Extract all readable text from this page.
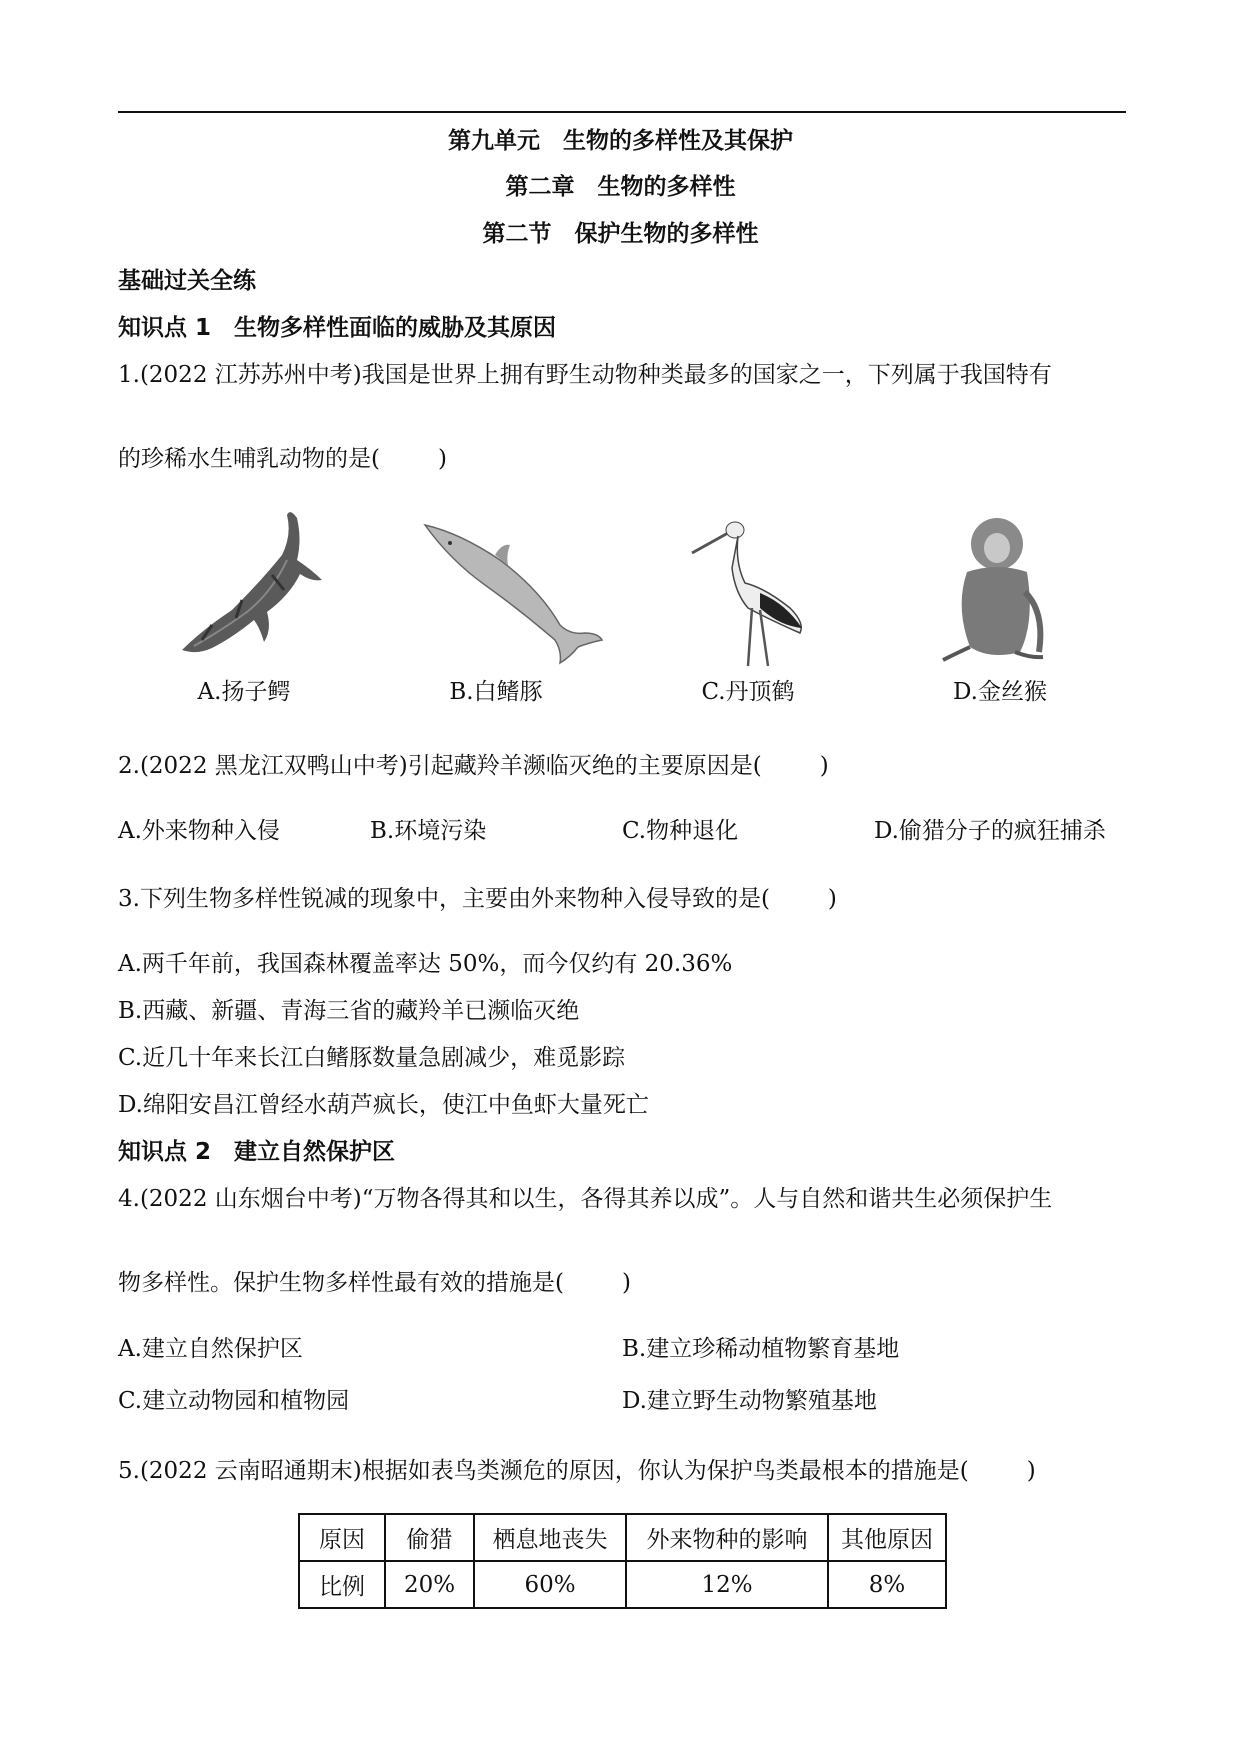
第九单元　生物的多样性及其保护
第二章　生物的多样性
第二节　保护生物的多样性
基础过关全练
知识点 1　生物多样性面临的威胁及其原因
1.(2022 江苏苏州中考)我国是世界上拥有野生动物种类最多的国家之一，下列属于我国特有
的珍稀水生哺乳动物的是(	)
A.扬子鳄	B.白鳍豚	C.丹顶鹤	D.金丝猴
2.(2022 黑龙江双鸭山中考)引起藏羚羊濒临灭绝的主要原因是(	)
A.外来物种入侵	B.环境污染	C.物种退化	D.偷猎分子的疯狂捕杀
3.下列生物多样性锐减的现象中，主要由外来物种入侵导致的是(	)
A.两千年前，我国森林覆盖率达 50%，而今仅约有 20.36%
B.西藏、新疆、青海三省的藏羚羊已濒临灭绝
C.近几十年来长江白鳍豚数量急剧减少，难觅影踪
D.绵阳安昌江曾经水葫芦疯长，使江中鱼虾大量死亡
知识点 2　建立自然保护区
4.(2022 山东烟台中考)“万物各得其和以生，各得其养以成”。人与自然和谐共生必须保护生
物多样性。保护生物多样性最有效的措施是(	)
A.建立自然保护区	B.建立珍稀动植物繁育基地
C.建立动物园和植物园	D.建立野生动物繁殖基地
5.(2022 云南昭通期末)根据如表鸟类濒危的原因，你认为保护鸟类最根本的措施是(	)
原因	偷猎	栖息地丧失	外来物种的影响	其他原因
比例	20%	60%	12%	8%
